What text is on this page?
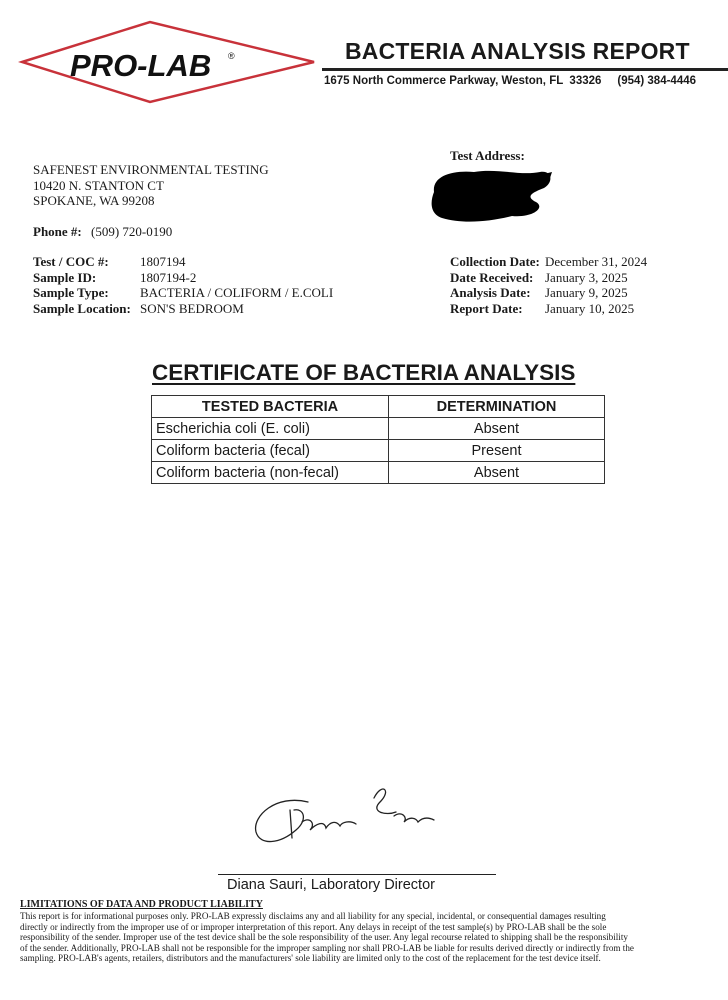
PRO-LAB ®	BACTERIA ANALYSIS REPORT
1675 North Commerce Parkway, Weston, FL  33326     (954) 384-4446
SAFENEST ENVIRONMENTAL TESTING
10420 N. STANTON CT
SPOKANE, WA 99208
Phone #: (509) 720-0190
Test / COC #: 1807194
Sample ID:	1807194-2
Sample Type: BACTERIA / COLIFORM / E.COLI
Sample Location: SON'S BEDROOM
Test Address:
Collection Date: December 31, 2024
Date Received: January 3, 2025
Analysis Date: January 9, 2025
Report Date: January 10, 2025
CERTIFICATE OF BACTERIA ANALYSIS
TESTED BACTERIA	DETERMINATION
Escherichia coli (E. coli)	Absent
Coliform bacteria (fecal)	Present
Coliform bacteria (non-fecal)	Absent
Diana Sauri, Laboratory Director
LIMITATIONS OF DATA AND PRODUCT LIABILITY
This report is for informational purposes only. PRO-LAB expressly disclaims any and all liability for any special, incidental, or consequential damages resulting
directly or indirectly from the improper use of or improper interpretation of this report. Any delays in receipt of the test sample(s) by PRO-LAB shall be the sole
responsibility of the sender. Improper use of the test device shall be the sole responsibility of the user. Any legal recourse related to shipping shall be the responsibility
of the sender. Additionally, PRO-LAB shall not be responsible for the improper sampling nor shall PRO-LAB be liable for results derived directly or indirectly from the
sampling. PRO-LAB's agents, retailers, distributors and the manufacturers' sole liability are limited only to the cost of the replacement for the test device itself.
